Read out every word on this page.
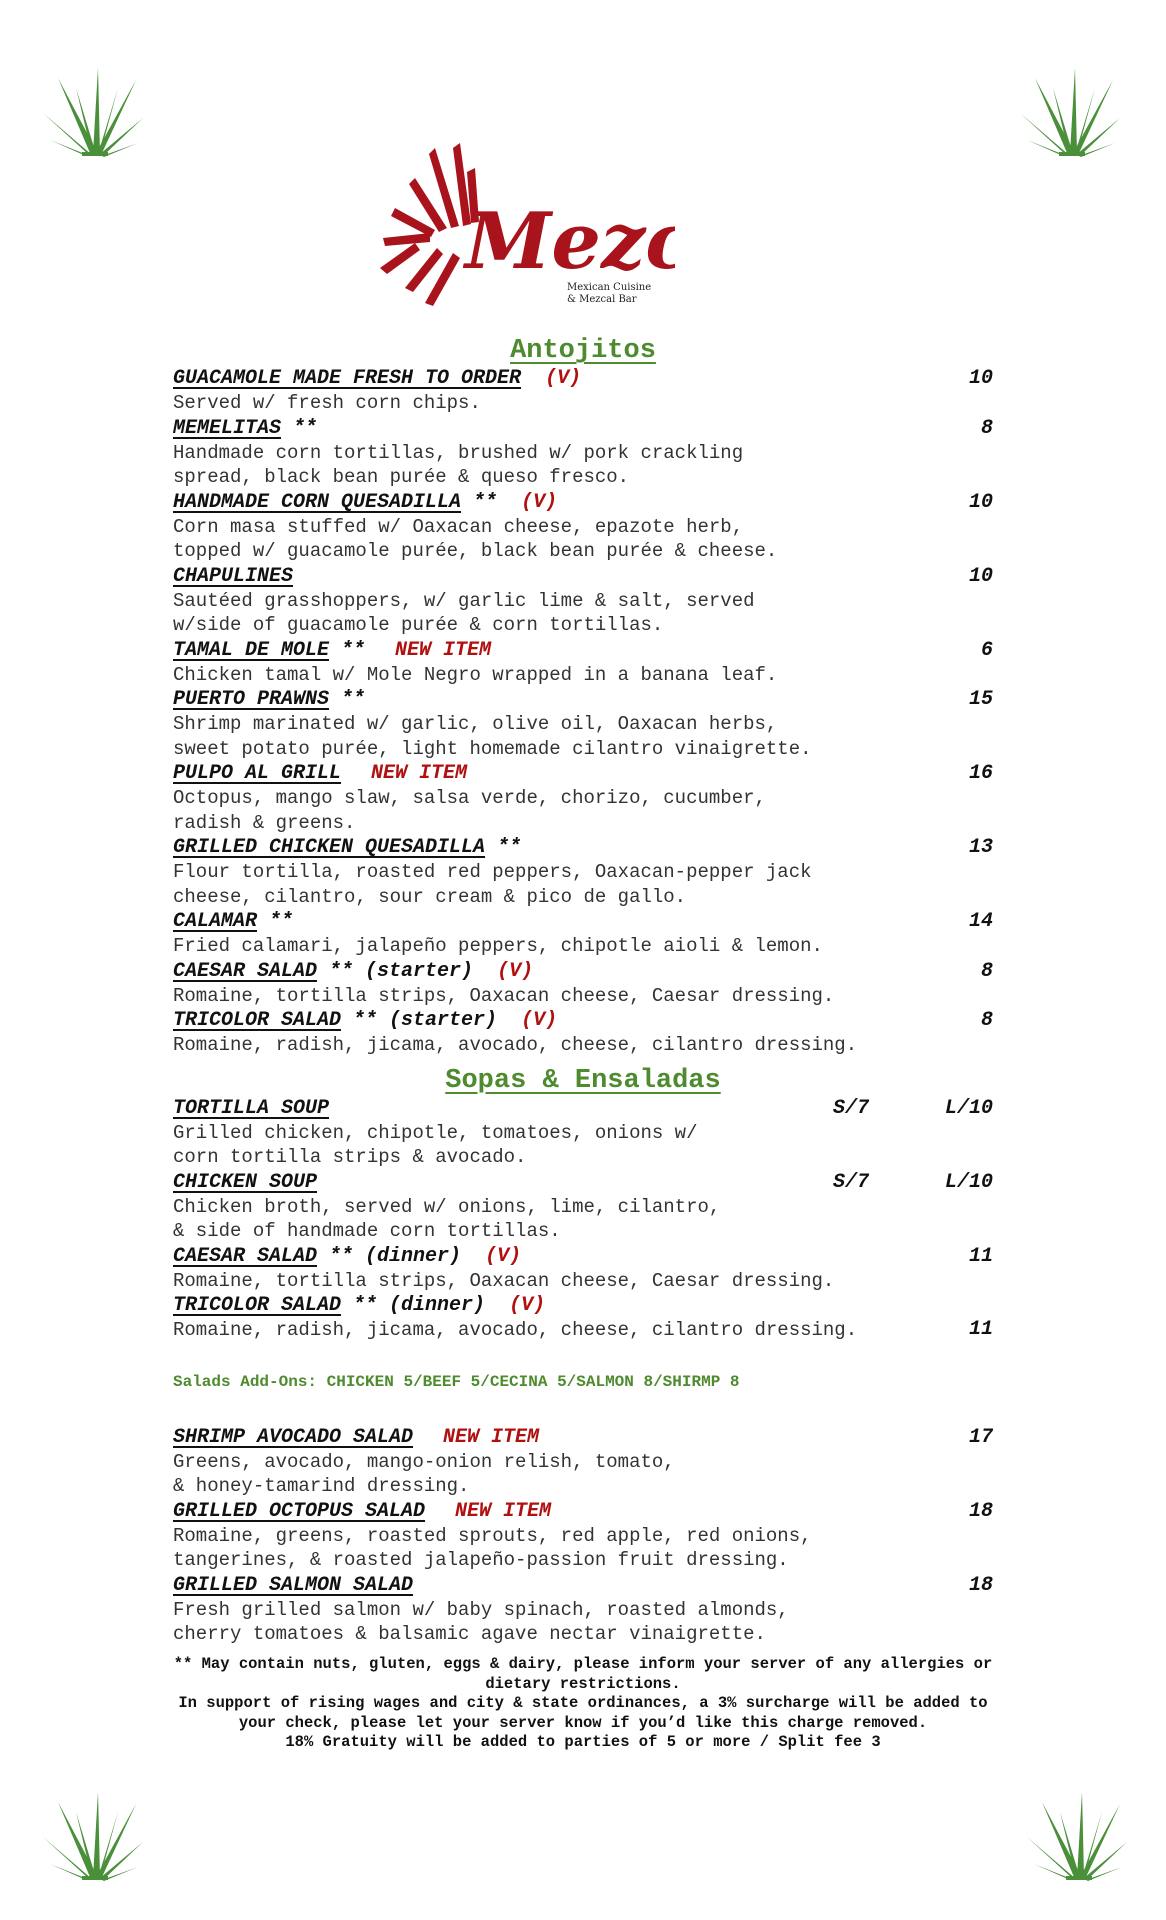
Mez
Mexican Cuisine
& Mezcal Bar
Antojitos
GUACAMOLE MADE FRESH TO ORDER (V)	10
Served w/ fresh corn chips.
MEMELITAS **	8
Handmade corn tortillas, brushed w/ pork crackling
spread, black bean purée & queso fresco.
HANDMADE CORN QUESADILLA ** (V)	10
Corn masa stuffed w/ Oaxacan cheese, epazote herb,
topped w/ guacamole purée, black bean purée & cheese.
CHAPULINES	10
Sautéed grasshoppers, w/ garlic lime & salt, served
w/side of guacamole purée & corn tortillas.
TAMAL DE MOLE ** NEW ITEM	6
Chicken tamal w/ Mole Negro wrapped in a banana leaf.
PUERTO PRAWNS **	15
Shrimp marinated w/ garlic, olive oil, Oaxacan herbs,
sweet potato purée, light homemade cilantro vinaigrette.
PULPO AL GRILL NEW ITEM	16
Octopus, mango slaw, salsa verde, chorizo, cucumber,
radish & greens.
GRILLED CHICKEN QUESADILLA **	13
Flour tortilla, roasted red peppers, Oaxacan-pepper jack
cheese, cilantro, sour cream & pico de gallo.
CALAMAR **	14
Fried calamari, jalapeño peppers, chipotle aioli & lemon.
CAESAR SALAD ** (starter) (V)	8
Romaine, tortilla strips, Oaxacan cheese, Caesar dressing.
TRICOLOR SALAD ** (starter) (V)	8
Romaine, radish, jicama, avocado, cheese, cilantro dressing.
Sopas & Ensaladas
TORTILLA SOUP	S/7	L/10
Grilled chicken, chipotle, tomatoes, onions w/
corn tortilla strips & avocado.
CHICKEN SOUP	S/7	L/10
Chicken broth, served w/ onions, lime, cilantro,
& side of handmade corn tortillas.
CAESAR SALAD ** (dinner) (V)	11
Romaine, tortilla strips, Oaxacan cheese, Caesar dressing.
TRICOLOR SALAD ** (dinner) (V)
Romaine, radish, jicama, avocado, cheese, cilantro dressing.	11
Salads Add-Ons: CHICKEN 5/BEEF 5/CECINA 5/SALMON 8/SHIRMP 8
SHRIMP AVOCADO SALAD NEW ITEM	17
Greens, avocado, mango-onion relish, tomato,
& honey-tamarind dressing.
GRILLED OCTOPUS SALAD NEW ITEM	18
Romaine, greens, roasted sprouts, red apple, red onions,
tangerines, & roasted jalapeño-passion fruit dressing.
GRILLED SALMON SALAD	18
Fresh grilled salmon w/ baby spinach, roasted almonds,
cherry tomatoes & balsamic agave nectar vinaigrette.
** May contain nuts, gluten, eggs & dairy, please inform your server of any allergies or dietary restrictions.
In support of rising wages and city & state ordinances, a 3% surcharge will be added to your check, please let your server know if you’d like this charge removed.
18% Gratuity will be added to parties of 5 or more / Split fee 3
